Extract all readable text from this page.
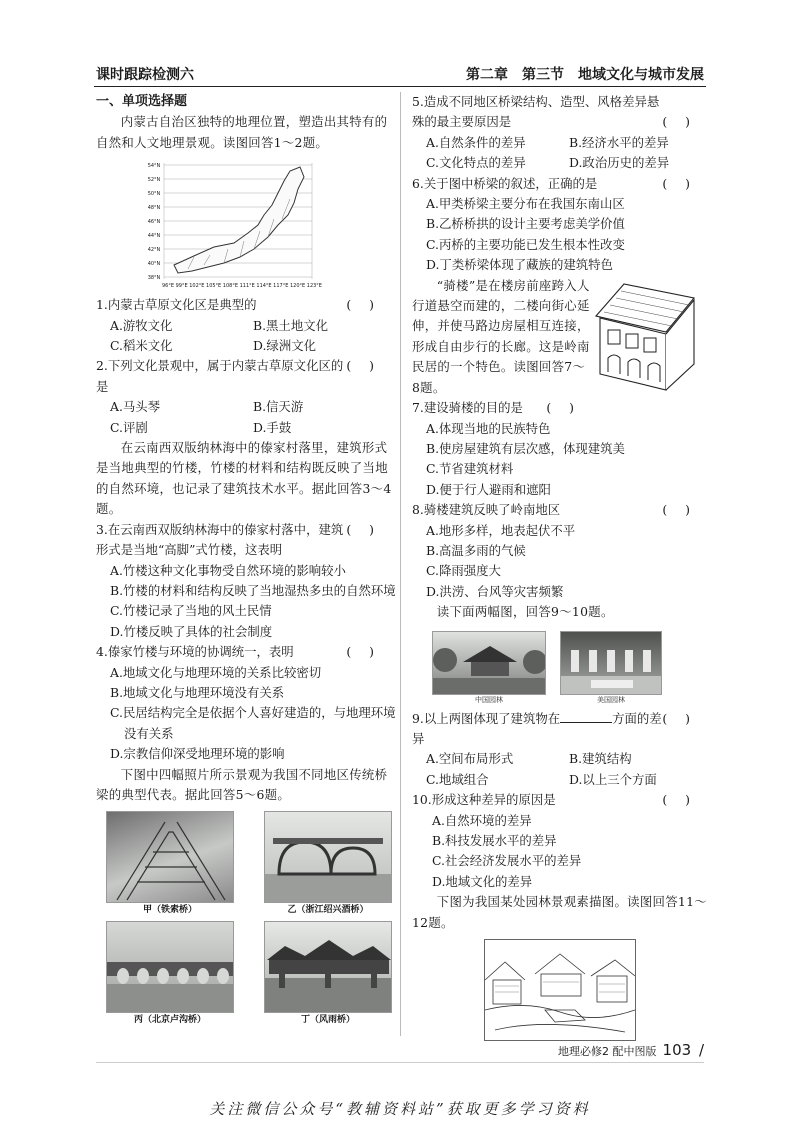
课时跟踪检测六	第二章　第三节　地域文化与城市发展
一、单项选择题
内蒙古自治区独特的地理位置，塑造出其特有的自然和人文地理景观。读图回答1～2题。
54°N
52°N
50°N
48°N
46°N
44°N
42°N
40°N
38°N
96°E 99°E 102°E 105°E 108°E 111°E 114°E 117°E 120°E 123°E
1.内蒙古草原文化区是典型的	()
A.游牧文化	B.黑土地文化
C.稻米文化	D.绿洲文化
2.下列文化景观中，属于内蒙古草原文化区的是
()
A.马头琴	B.信天游
C.评剧	D.手鼓
在云南西双版纳林海中的傣家村落里，建筑形式是当地典型的竹楼，竹楼的材料和结构既反映了当地的自然环境，也记录了建筑技术水平。据此回答3～4题。
3.在云南西双版纳林海中的傣家村落中，建筑形式是当地“高脚”式竹楼，这表明
()
A.竹楼这种文化事物受自然环境的影响较小
B.竹楼的材料和结构反映了当地湿热多虫的自然环境
C.竹楼记录了当地的风土民情
D.竹楼反映了具体的社会制度
4.傣家竹楼与环境的协调统一，表明	()
A.地域文化与地理环境的关系比较密切
B.地域文化与地理环境没有关系
C.民居结构完全是依据个人喜好建造的，与地理环境没有关系
D.宗教信仰深受地理环境的影响
下图中四幅照片所示景观为我国不同地区传统桥梁的典型代表。据此回答5～6题。
甲（铁索桥）	乙（浙江绍兴酒桥）
丙（北京卢沟桥）	丁（风雨桥）
5.造成不同地区桥梁结构、造型、风格差异悬殊的最主要原因是	()
A.自然条件的差异	B.经济水平的差异
C.文化特点的差异	D.政治历史的差异
6.关于图中桥梁的叙述，正确的是	()
A.甲类桥梁主要分布在我国东南山区
B.乙桥桥拱的设计主要考虑美学价值
C.丙桥的主要功能已发生根本性改变
D.丁类桥梁体现了藏族的建筑特色
“骑楼”是在楼房前座跨入人行道悬空而建的，二楼向街心延伸，并使马路边房屋相互连接，形成自由步行的长廊。这是岭南民居的一个特色。读图回答7～8题。
7.建设骑楼的目的是 ()
A.体现当地的民族特色
B.使房屋建筑有层次感，体现建筑美
C.节省建筑材料
D.便于行人避雨和遮阳
8.骑楼建筑反映了岭南地区	()
A.地形多样，地表起伏不平
B.高温多雨的气候
C.降雨强度大
D.洪涝、台风等灾害频繁
读下面两幅图，回答9～10题。
中国园林	美国园林
9.以上两图体现了建筑物在	方面的差异
()
A.空间布局形式	B.建筑结构
C.地域组合	D.以上三个方面
10.形成这种差异的原因是	()
A.自然环境的差异
B.科技发展水平的差异
C.社会经济发展水平的差异
D.地域文化的差异
下图为我国某处园林景观素描图。读图回答11～12题。
地理必修2 配中图版 103 /
关注微信公众号“教辅资料站”获取更多学习资料
